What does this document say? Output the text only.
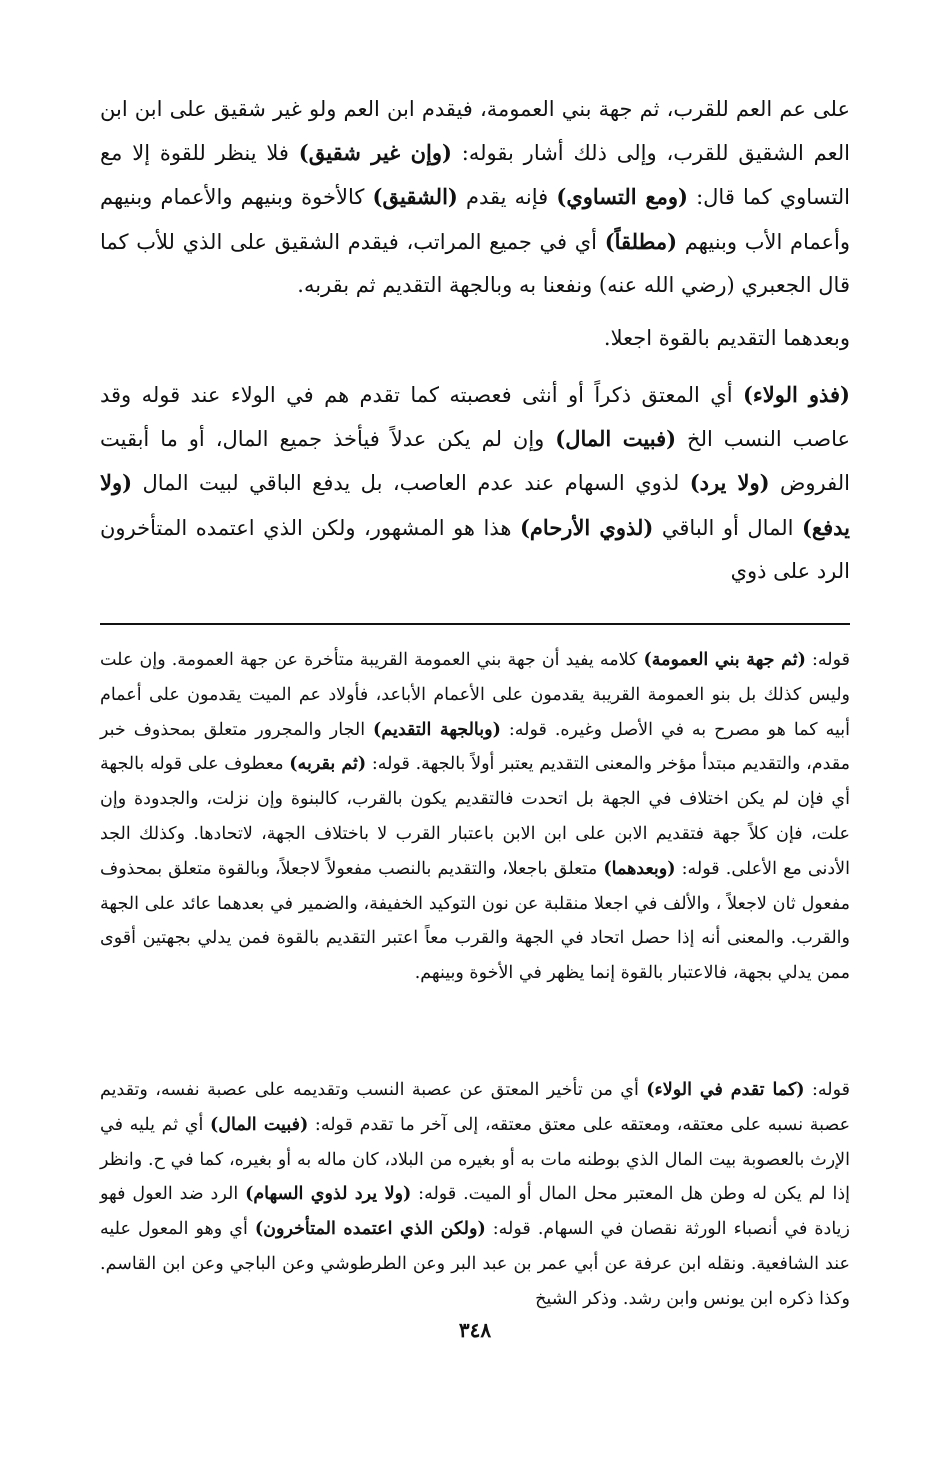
على عم العم للقرب، ثم جهة بني العمومة، فيقدم ابن العم ولو غير شقيق على ابن ابن العم الشقيق للقرب، وإلى ذلك أشار بقوله: (وإن غير شقيق) فلا ينظر للقوة إلا مع التساوي كما قال: (ومع التساوي) فإنه يقدم (الشقيق) كالأخوة وبنيهم والأعمام وبنيهم وأعمام الأب وبنيهم (مطلقاً) أي في جميع المراتب، فيقدم الشقيق على الذي للأب كما قال الجعبري (رضي الله عنه) ونفعنا به وبالجهة التقديم ثم بقربه.

وبعدهما التقديم بالقوة اجعلا.

(فذو الولاء) أي المعتق ذكراً أو أنثى فعصبته كما تقدم هم في الولاء عند قوله وقد عاصب النسب الخ (فبيت المال) وإن لم يكن عدلاً فيأخذ جميع المال، أو ما أبقيت الفروض (ولا يرد) لذوي السهام عند عدم العاصب، بل يدفع الباقي لبيت المال (ولا يدفع) المال أو الباقي (لذوي الأرحام) هذا هو المشهور، ولكن الذي اعتمده المتأخرون الرد على ذوي

قوله: (ثم جهة بني العمومة) كلامه يفيد أن جهة بني العمومة القريبة متأخرة عن جهة العمومة. وإن علت وليس كذلك بل بنو العمومة القريبة يقدمون على الأعمام الأباعد، فأولاد عم الميت يقدمون على أعمام أبيه كما هو مصرح به في الأصل وغيره. قوله: (وبالجهة التقديم) الجار والمجرور متعلق بمحذوف خبر مقدم، والتقديم مبتدأ مؤخر والمعنى التقديم يعتبر أولاً بالجهة. قوله: (ثم بقربه) معطوف على قوله بالجهة أي فإن لم يكن اختلاف في الجهة بل اتحدت فالتقديم يكون بالقرب، كالبنوة وإن نزلت، والجدودة وإن علت، فإن كلاً جهة فتقديم الابن على ابن الابن باعتبار القرب لا باختلاف الجهة، لاتحادها. وكذلك الجد الأدنى مع الأعلى. قوله: (وبعدهما) متعلق باجعلا، والتقديم بالنصب مفعولاً لاجعلاً، وبالقوة متعلق بمحذوف مفعول ثان لاجعلاً ، والألف في اجعلا منقلبة عن نون التوكيد الخفيفة، والضمير في بعدهما عائد على الجهة والقرب. والمعنى أنه إذا حصل اتحاد في الجهة والقرب معاً اعتبر التقديم بالقوة فمن يدلي بجهتين أقوى ممن يدلي بجهة، فالاعتبار بالقوة إنما يظهر في الأخوة وبينهم.

قوله: (كما تقدم في الولاء) أي من تأخير المعتق عن عصبة النسب وتقديمه على عصبة نفسه، وتقديم عصبة نسبه على معتقه، ومعتقه على معتق معتقه، إلى آخر ما تقدم قوله: (فبيت المال) أي ثم يليه في الإرث بالعصوبة بيت المال الذي بوطنه مات به أو بغيره من البلاد، كان ماله به أو بغيره، كما في ح. وانظر إذا لم يكن له وطن هل المعتبر محل المال أو الميت. قوله: (ولا يرد لذوي السهام) الرد ضد العول فهو زيادة في أنصباء الورثة نقصان في السهام. قوله: (ولكن الذي اعتمده المتأخرون) أي وهو المعول عليه عند الشافعية. ونقله ابن عرفة عن أبي عمر بن عبد البر وعن الطرطوشي وعن الباجي وعن ابن القاسم. وكذا ذكره ابن يونس وابن رشد. وذكر الشيخ

٣٤٨
